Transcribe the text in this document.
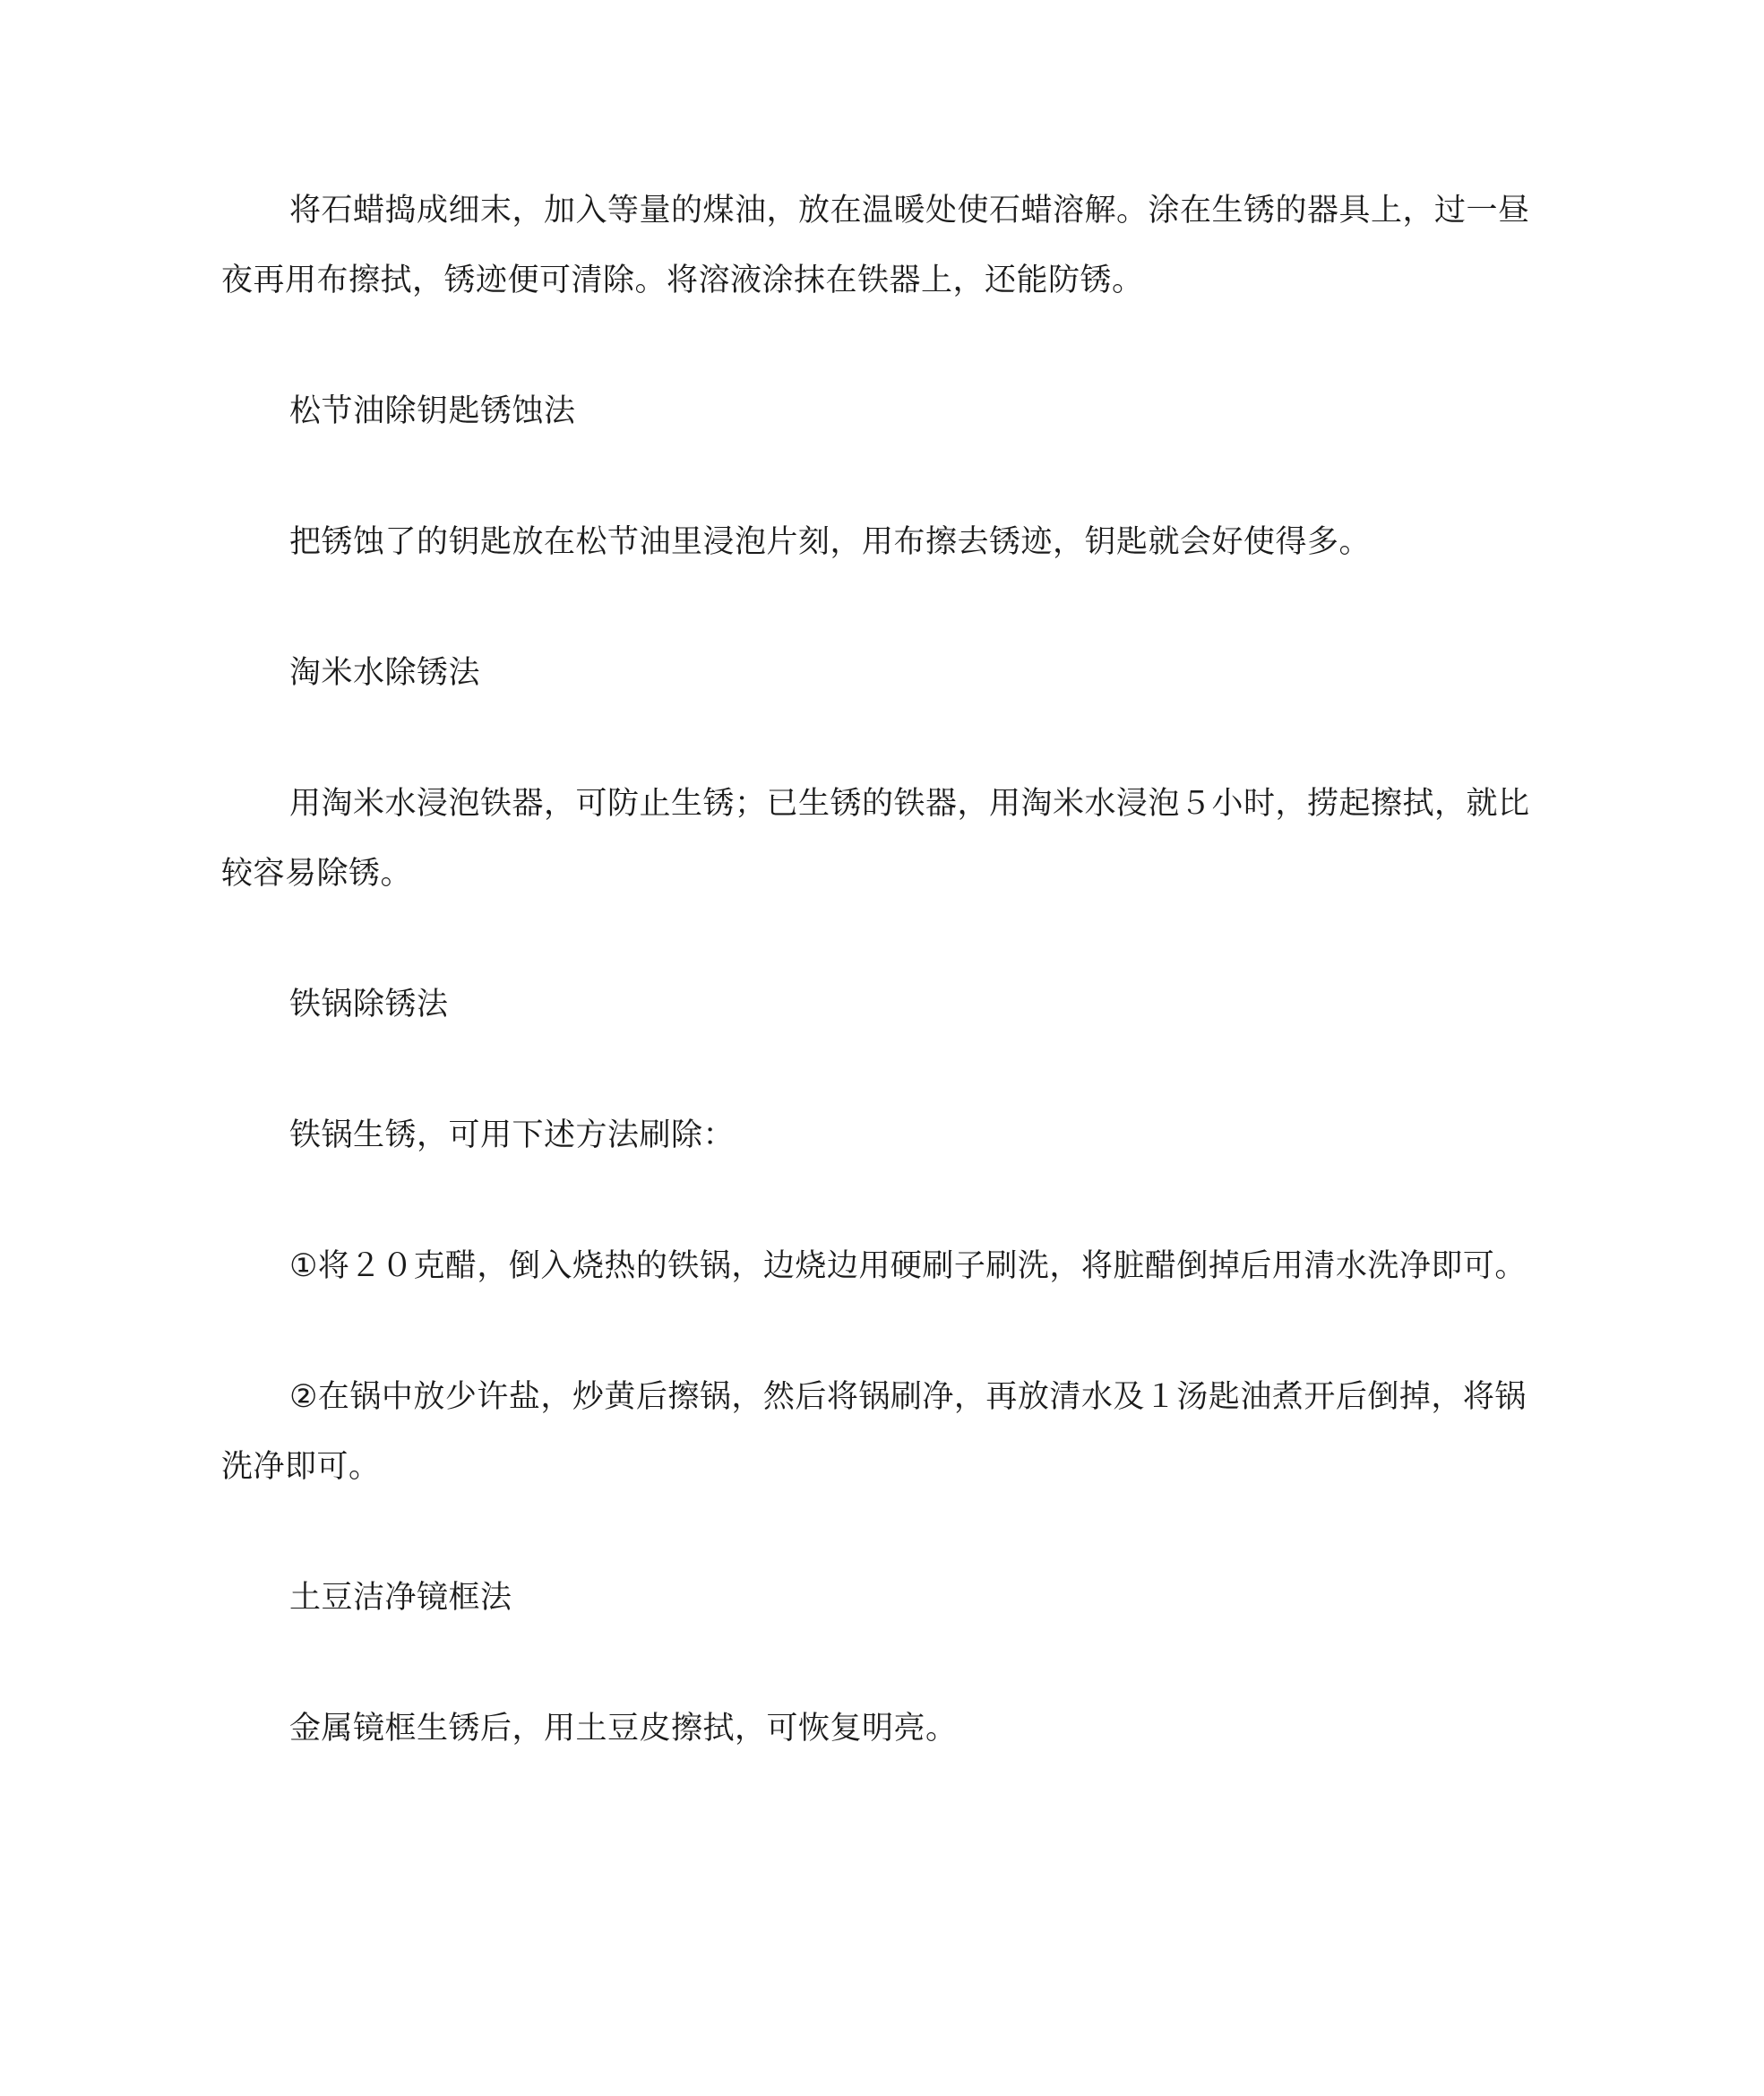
将石蜡捣成细末，加入等量的煤油，放在温暖处使石蜡溶解。涂在生锈的器具上，过一昼夜再用布擦拭，锈迹便可清除。将溶液涂抹在铁器上，还能防锈。

松节油除钥匙锈蚀法

把锈蚀了的钥匙放在松节油里浸泡片刻，用布擦去锈迹，钥匙就会好使得多。

淘米水除锈法

用淘米水浸泡铁器，可防止生锈；已生锈的铁器，用淘米水浸泡５小时，捞起擦拭，就比较容易除锈。

铁锅除锈法

铁锅生锈，可用下述方法刷除：

①将２０克醋，倒入烧热的铁锅，边烧边用硬刷子刷洗，将脏醋倒掉后用清水洗净即可。

②在锅中放少许盐，炒黄后擦锅，然后将锅刷净，再放清水及１汤匙油煮开后倒掉，将锅洗净即可。

土豆洁净镜框法

金属镜框生锈后，用土豆皮擦拭，可恢复明亮。
